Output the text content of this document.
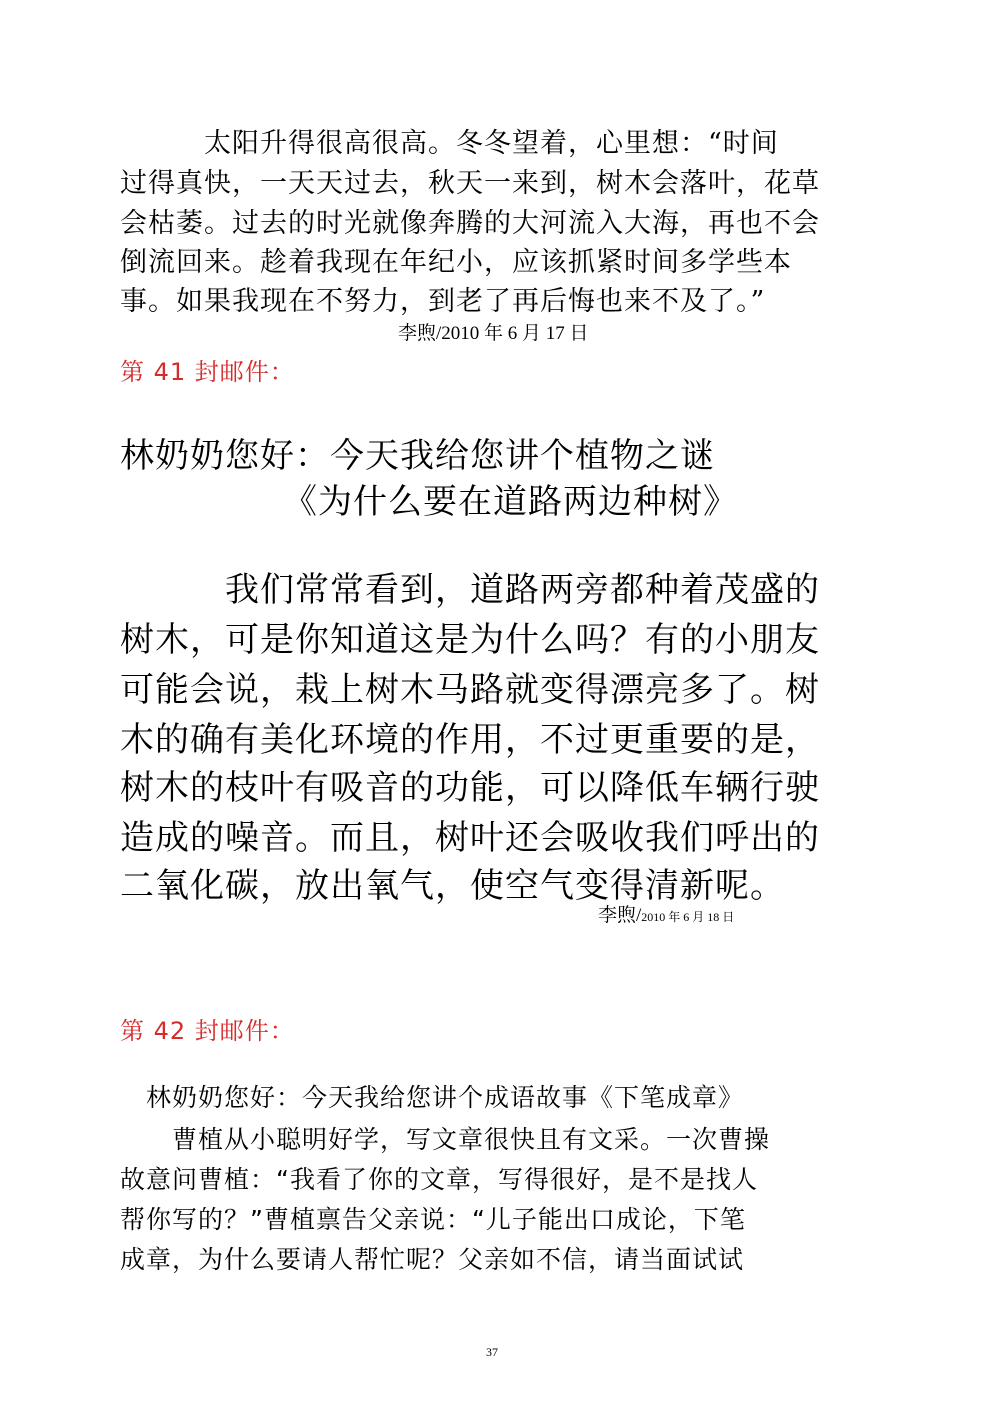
　　　太阳升得很高很高。冬冬望着，心里想：“时间

过得真快，一天天过去，秋天一来到，树木会落叶，花草

会枯萎。过去的时光就像奔腾的大河流入大海，再也不会

倒流回来。趁着我现在年纪小，应该抓紧时间多学些本

事。如果我现在不努力，到老了再后悔也来不及了。”

李煦/2010 年 6 月 17 日
第 41 封邮件：

林奶奶您好：今天我给您讲个植物之谜

《为什么要在道路两边种树》

　　　我们常常看到，道路两旁都种着茂盛的

树木，可是你知道这是为什么吗？有的小朋友

可能会说，栽上树木马路就变得漂亮多了。树

木的确有美化环境的作用，不过更重要的是，

树木的枝叶有吸音的功能，可以降低车辆行驶

造成的噪音。而且，树叶还会吸收我们呼出的

二氧化碳，放出氧气，使空气变得清新呢。

李煦/2010 年 6 月 18 日
第 42 封邮件：

　林奶奶您好：今天我给您讲个成语故事《下笔成章》

　　曹植从小聪明好学，写文章很快且有文采。一次曹操

故意问曹植：“我看了你的文章，写得很好，是不是找人

帮你写的？”曹植禀告父亲说：“儿子能出口成论，下笔

成章，为什么要请人帮忙呢？父亲如不信，请当面试试

37
